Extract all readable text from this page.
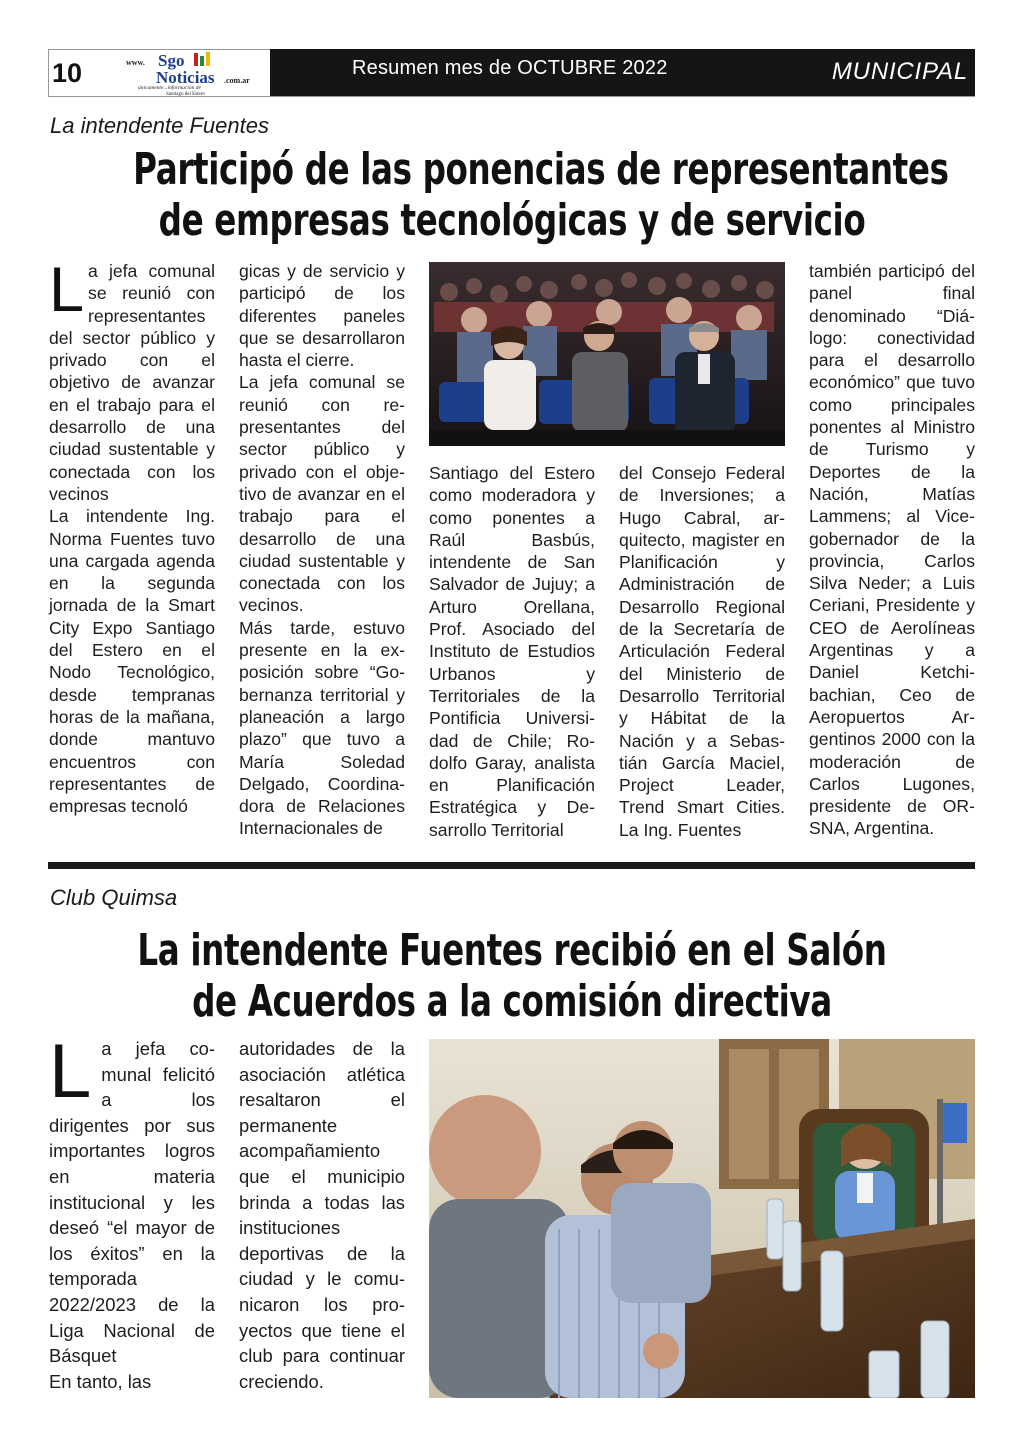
10	www. Sgo
Noticias .com.ar
únicamente...información de
Santiago del Estero
Resumen mes de OCTUBRE 2022	MUNICIPAL
La intendente Fuentes
Participó de las ponencias de representantes
de empresas tecnológicas y de servicio
L a jefa comunal se reunió con representantes del sector público y privado con el objetivo de avanzar en el trabajo para el desarrollo de una ciudad sustentable y conectada con los vecinos

La intendente Ing. Norma Fuentes tuvo una cargada agenda en la segunda jornada de la Smart City Expo Santiago del Estero en el Nodo Tecnológico, desde tempranas horas de la mañana, donde mantuvo encuentros con representantes de empresas tecnoló

gicas y de servicio y participó de los diferentes paneles que se desarrollaron hasta el cierre.

La jefa comunal se reunió con representantes del sector público y privado con el objetivo de avanzar en el trabajo para el desarrollo de una ciudad sustentable y conectada con los vecinos.

Más tarde, estuvo presente en la exposición sobre “Gobernanza territorial y planeación a largo plazo” que tuvo a María Soledad Delgado, Coordinadora de Relaciones Internacionales de

Santiago del Estero como moderadora y como ponentes a Raúl Basbús, intendente de San Salvador de Jujuy; a Arturo Orellana, Prof. Asociado del Instituto de Estudios Urbanos y Territoriales de la Pontificia Universidad de Chile; Rodolfo Garay, analista en Planificación Estratégica y Desarrollo Territorial

del Consejo Federal de Inversiones; a Hugo Cabral, arquitecto, magister en Planificación y Administración de Desarrollo Regional de la Secretaría de Articulación Federal del Ministerio de Desarrollo Territorial y Hábitat de la Nación y a Sebastián García Maciel, Project Leader, Trend Smart Cities. La Ing. Fuentes

también participó del panel final denominado “Diálogo: conectividad para el desarrollo económico” que tuvo como principales ponentes al Ministro de Turismo y Deportes de la Nación, Matías Lammens; al Vicegobernador de la provincia, Carlos Silva Neder; a Luis Ceriani, Presidente y CEO de Aerolíneas Argentinas y a Daniel Ketchibachian, Ceo de Aeropuertos Argentinos 2000 con la moderación de Carlos Lugones, presidente de ORSNA, Argentina.

Club Quimsa
La intendente Fuentes recibió en el Salón
de Acuerdos a la comisión directiva
L a jefa comunal felicitó a los dirigentes por sus importantes logros en materia institucional y les deseó “el mayor de los éxitos” en la temporada 2022/2023 de la Liga Nacional de Básquet

En tanto, las

autoridades de la asociación atlética resaltaron el permanente acompañamiento que el municipio brinda a todas las instituciones deportivas de la ciudad y le comunicaron los proyectos que tiene el club para continuar creciendo.
